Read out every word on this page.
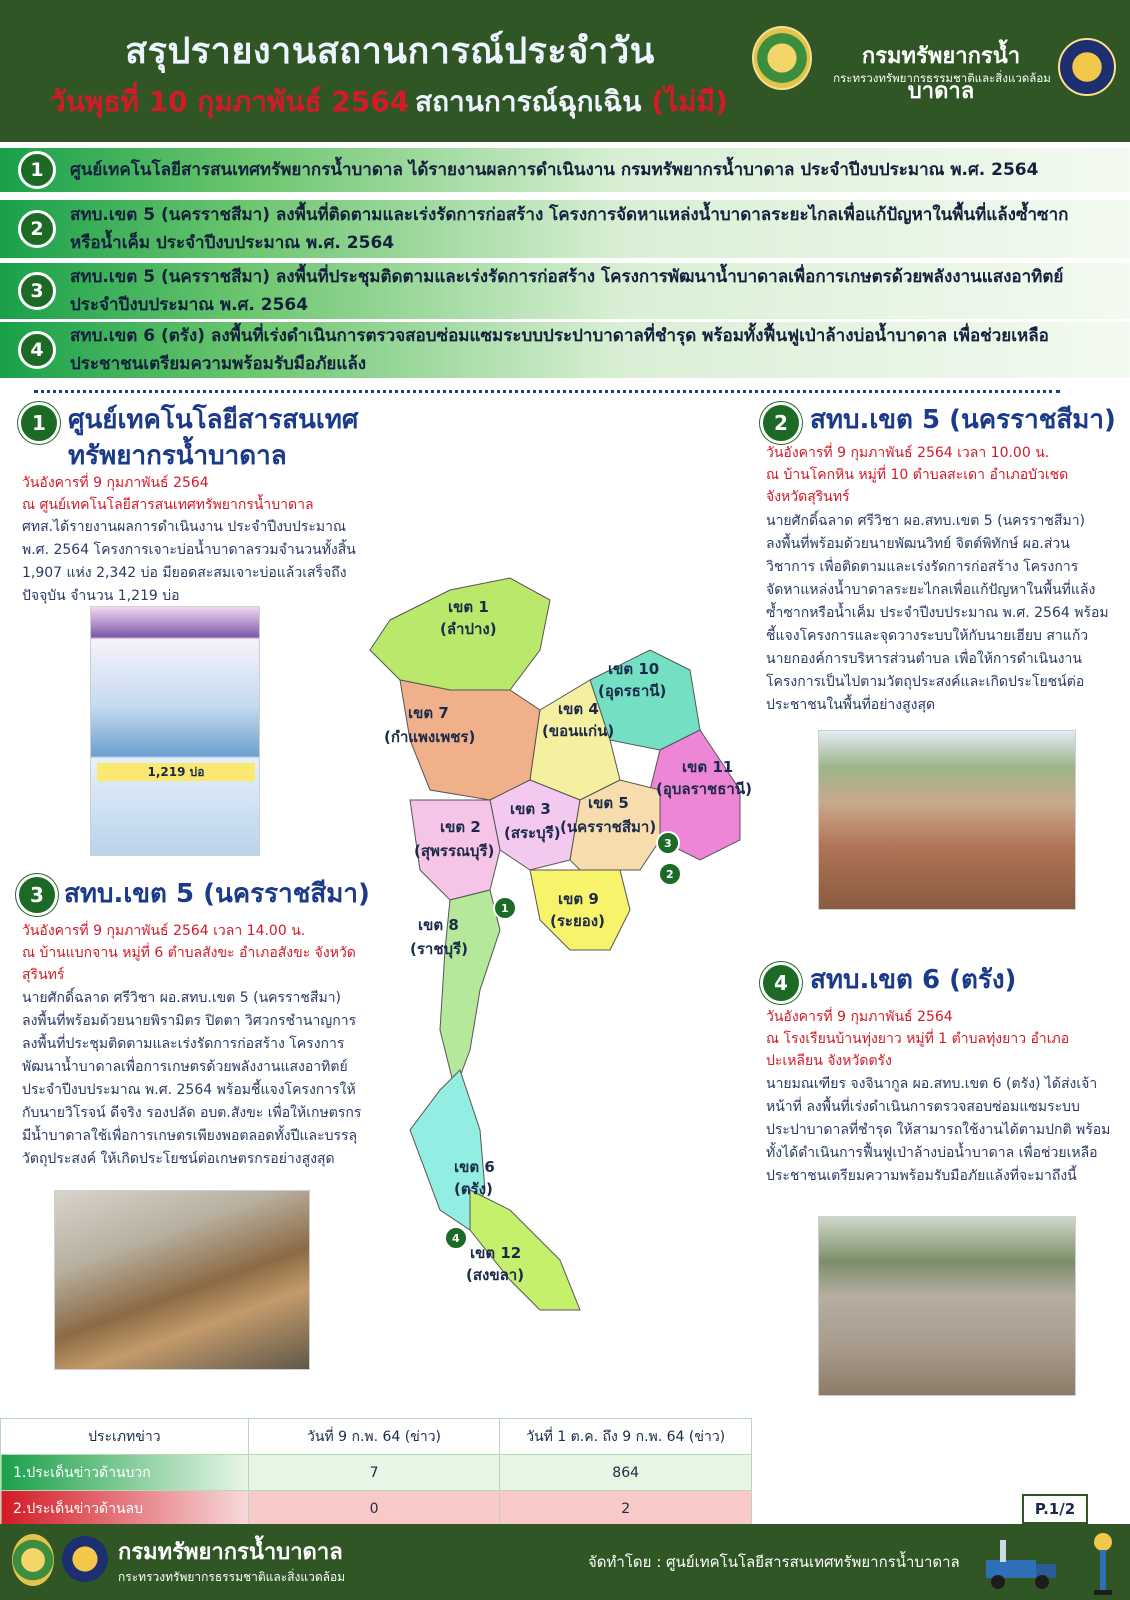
สรุปรายงานสถานการณ์ประจำวัน
วันพุธที่ 10 กุมภาพันธ์ 2564 สถานการณ์ฉุกเฉิน (ไม่มี)
กรมทรัพยากรน้ำบาดาล
กระทรวงทรัพยากรธรรมชาติและสิ่งแวดล้อม
1	ศูนย์เทคโนโลยีสารสนเทศทรัพยากรน้ำบาดาล ได้รายงานผลการดำเนินงาน กรมทรัพยากรน้ำบาดาล ประจำปีงบประมาณ พ.ศ. 2564
2
สทบ.เขต 5 (นครราชสีมา) ลงพื้นที่ติดตามและเร่งรัดการก่อสร้าง โครงการจัดหาแหล่งน้ำบาดาลระยะไกลเพื่อแก้ปัญหาในพื้นที่แล้งซ้ำซาก หรือน้ำเค็ม ประจำปีงบประมาณ พ.ศ. 2564
3
สทบ.เขต 5 (นครราชสีมา) ลงพื้นที่ประชุมติดตามและเร่งรัดการก่อสร้าง โครงการพัฒนาน้ำบาดาลเพื่อการเกษตรด้วยพลังงานแสงอาทิตย์ ประจำปีงบประมาณ พ.ศ. 2564
4
สทบ.เขต 6 (ตรัง) ลงพื้นที่เร่งดำเนินการตรวจสอบซ่อมแซมระบบประปาบาดาลที่ชำรุด พร้อมทั้งฟื้นฟูเป่าล้างบ่อน้ำบาดาล เพื่อช่วยเหลือประชาชนเตรียมความพร้อมรับมือภัยแล้ง
1 ศูนย์เทคโนโลยีสารสนเทศ
ทรัพยากรน้ำบาดาล
วันอังคารที่ 9 กุมภาพันธ์ 2564
ณ ศูนย์เทคโนโลยีสารสนเทศทรัพยากรน้ำบาดาล
ศทส.ได้รายงานผลการดำเนินงาน ประจำปีงบประมาณ พ.ศ. 2564 โครงการเจาะบ่อน้ำบาดาลรวมจำนวนทั้งสิ้น 1,907 แห่ง 2,342 บ่อ มียอดสะสมเจาะบ่อแล้วเสร็จถึงปัจจุบัน จำนวน 1,219 บ่อ
1,219 บ่อ
3 สทบ.เขต 5 (นครราชสีมา)
วันอังคารที่ 9 กุมภาพันธ์ 2564 เวลา 14.00 น.
ณ บ้านแบกจาน หมู่ที่ 6 ตำบลสังขะ อำเภอสังขะ จังหวัดสุรินทร์
นายศักดิ์ฉลาด ศรีวิชา ผอ.สทบ.เขต 5 (นครราชสีมา) ลงพื้นที่พร้อมด้วยนายพิรามิตร ปิตตา วิศวกรชำนาญการ ลงพื้นที่ประชุมติดตามและเร่งรัดการก่อสร้าง โครงการพัฒนาน้ำบาดาลเพื่อการเกษตรด้วยพลังงานแสงอาทิตย์ ประจำปีงบประมาณ พ.ศ. 2564 พร้อมชี้แจงโครงการให้กับนายวิโรจน์ ดีจริง รองปลัด อบต.สังขะ เพื่อให้เกษตรกรมีน้ำบาดาลใช้เพื่อการเกษตรเพียงพอตลอดทั้งปีและบรรลุวัตถุประสงค์ ให้เกิดประโยชน์ต่อเกษตรกรอย่างสูงสุด
2 สทบ.เขต 5 (นครราชสีมา)
วันอังคารที่ 9 กุมภาพันธ์ 2564 เวลา 10.00 น.
ณ บ้านโคกหิน หมู่ที่ 10 ตำบลสะเดา อำเภอบัวเชด จังหวัดสุรินทร์
นายศักดิ์ฉลาด ศรีวิชา ผอ.สทบ.เขต 5 (นครราชสีมา) ลงพื้นที่พร้อมด้วยนายพัฒนวิทย์ จิตต์พิทักษ์ ผอ.ส่วนวิชาการ เพื่อติดตามและเร่งรัดการก่อสร้าง โครงการจัดหาแหล่งน้ำบาดาลระยะไกลเพื่อแก้ปัญหาในพื้นที่แล้งซ้ำซากหรือน้ำเค็ม ประจำปีงบประมาณ พ.ศ. 2564 พร้อมชี้แจงโครงการและจุดวางระบบให้กับนายเฮียบ สาแก้ว นายกองค์การบริหารส่วนตำบล เพื่อให้การดำเนินงานโครงการเป็นไปตามวัตถุประสงค์และเกิดประโยชน์ต่อประชาชนในพื้นที่อย่างสูงสุด
4 สทบ.เขต 6 (ตรัง)
วันอังคารที่ 9 กุมภาพันธ์ 2564
ณ โรงเรียนบ้านทุ่งยาว หมู่ที่ 1 ตำบลทุ่งยาว อำเภอปะเหลียน จังหวัดตรัง
นายมณเฑียร จงจินากูล ผอ.สทบ.เขต 6 (ตรัง) ได้ส่งเจ้าหน้าที่ ลงพื้นที่เร่งดำเนินการตรวจสอบซ่อมแซมระบบประปาบาดาลที่ชำรุด ให้สามารถใช้งานได้ตามปกติ พร้อมทั้งได้ดำเนินการฟื้นฟูเป่าล้างบ่อน้ำบาดาล เพื่อช่วยเหลือประชาชนเตรียมความพร้อมรับมือภัยแล้งที่จะมาถึงนี้
เขต 1
(ลำปาง)
เขต 7
(กำแพงเพชร)
เขต 10
(อุดรธานี)
เขต 4
(ขอนแก่น)
เขต 11
(อุบลราชธานี)
เขต 3
(สระบุรี)
เขต 5
(นครราชสีมา)
เขต 2
(สุพรรณบุรี)
เขต 9
(ระยอง)
เขต 8
(ราชบุรี)
เขต 6
(ตรัง)
เขต 12
(สงขลา)
1
2
3
4
ประเภทข่าว	วันที่ 9 ก.พ. 64 (ข่าว)	วันที่ 1 ต.ค. ถึง 9 ก.พ. 64 (ข่าว)
1.ประเด็นข่าวด้านบวก	7	864
2.ประเด็นข่าวด้านลบ	0	2	P.1/2
กรมทรัพยากรน้ำบาดาล
กระทรวงทรัพยากรธรรมชาติและสิ่งแวดล้อม
จัดทำโดย : ศูนย์เทคโนโลยีสารสนเทศทรัพยากรน้ำบาดาล
